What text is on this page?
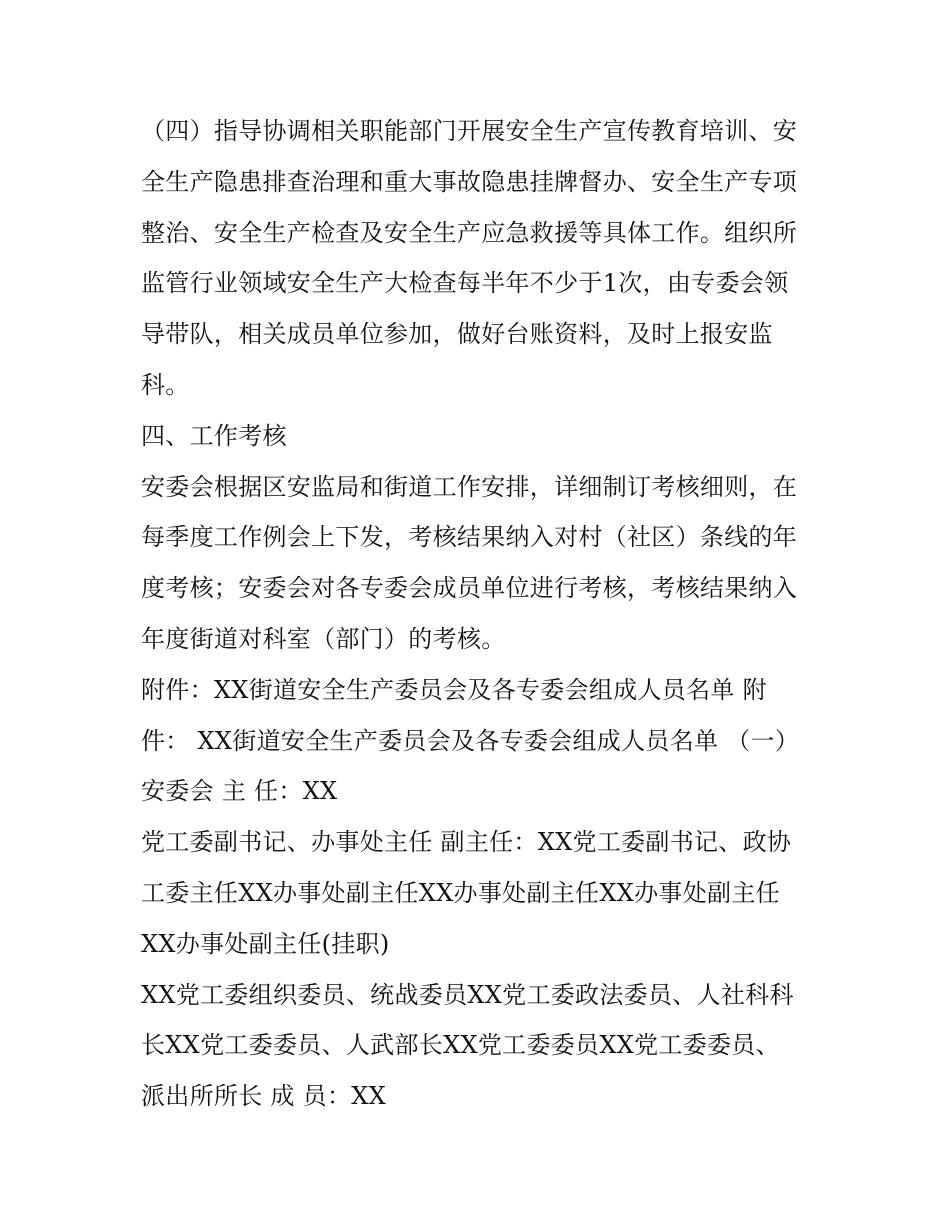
（四）指导协调相关职能部门开展安全生产宣传教育培训、安
全生产隐患排查治理和重大事故隐患挂牌督办、安全生产专项
整治、安全生产检查及安全生产应急救援等具体工作。组织所
监管行业领域安全生产大检查每半年不少于1次，由专委会领
导带队，相关成员单位参加，做好台账资料，及时上报安监
科。
四、工作考核
安委会根据区安监局和街道工作安排，详细制订考核细则，在
每季度工作例会上下发，考核结果纳入对村（社区）条线的年
度考核；安委会对各专委会成员单位进行考核，考核结果纳入
年度街道对科室（部门）的考核。
附件：XX街道安全生产委员会及各专委会组成人员名单 附
件： XX街道安全生产委员会及各专委会组成人员名单 （一）
安委会 主 任：XX
党工委副书记、办事处主任 副主任：XX党工委副书记、政协
工委主任XX办事处副主任XX办事处副主任XX办事处副主任
XX办事处副主任(挂职)
XX党工委组织委员、统战委员XX党工委政法委员、人社科科
长XX党工委委员、人武部长XX党工委委员XX党工委委员、
派出所所长 成 员：XX
